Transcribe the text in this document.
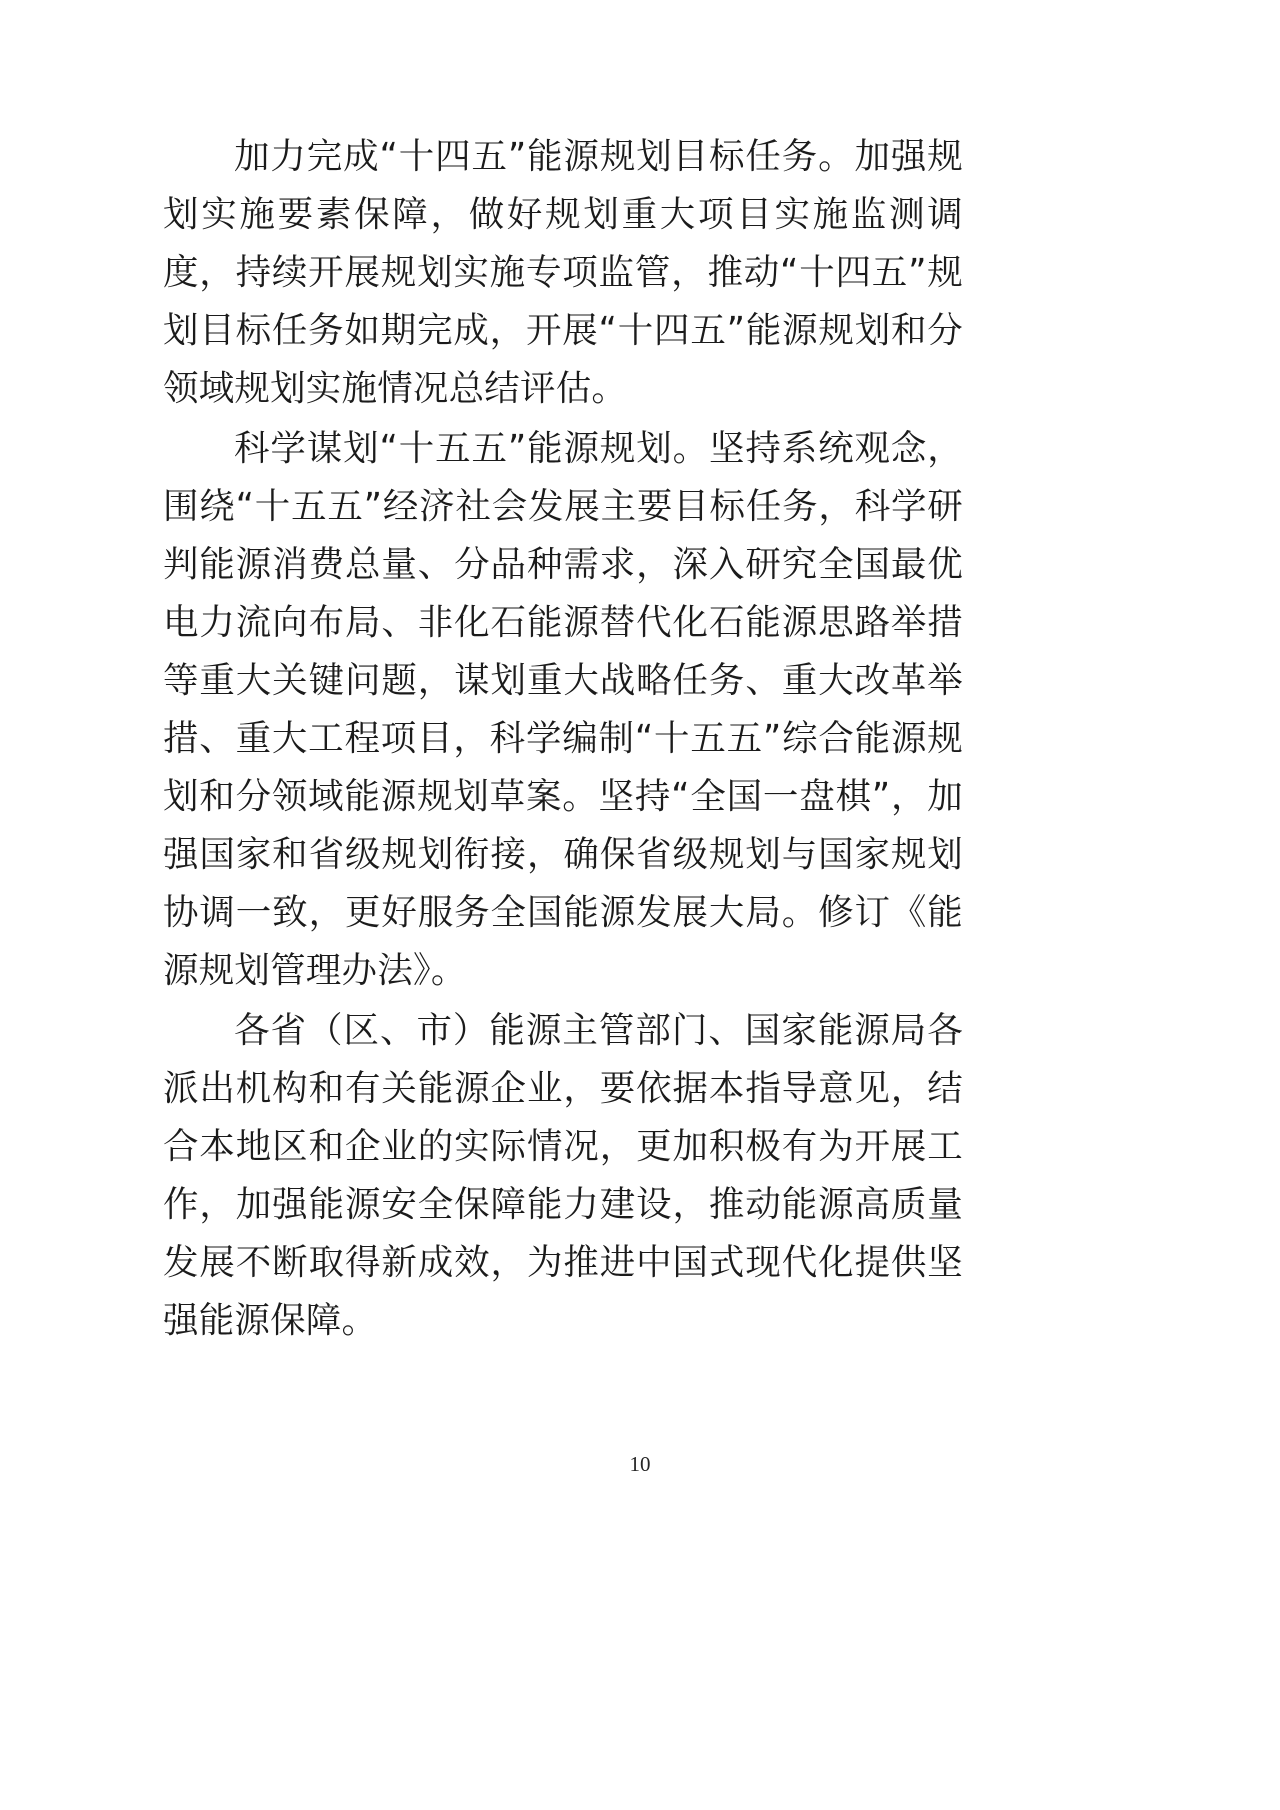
加力完成“十四五”能源规划目标任务。加强规划实施要素保障，做好规划重大项目实施监测调度，持续开展规划实施专项监管，推动“十四五”规划目标任务如期完成，开展“十四五”能源规划和分领域规划实施情况总结评估。

科学谋划“十五五”能源规划。坚持系统观念，围绕“十五五”经济社会发展主要目标任务，科学研判能源消费总量、分品种需求，深入研究全国最优电力流向布局、非化石能源替代化石能源思路举措等重大关键问题，谋划重大战略任务、重大改革举措、重大工程项目，科学编制“十五五”综合能源规划和分领域能源规划草案。坚持“全国一盘棋”，加强国家和省级规划衔接，确保省级规划与国家规划协调一致，更好服务全国能源发展大局。修订《能源规划管理办法》。

各省（区、市）能源主管部门、国家能源局各派出机构和有关能源企业，要依据本指导意见，结合本地区和企业的实际情况，更加积极有为开展工作，加强能源安全保障能力建设，推动能源高质量发展不断取得新成效，为推进中国式现代化提供坚强能源保障。

10
